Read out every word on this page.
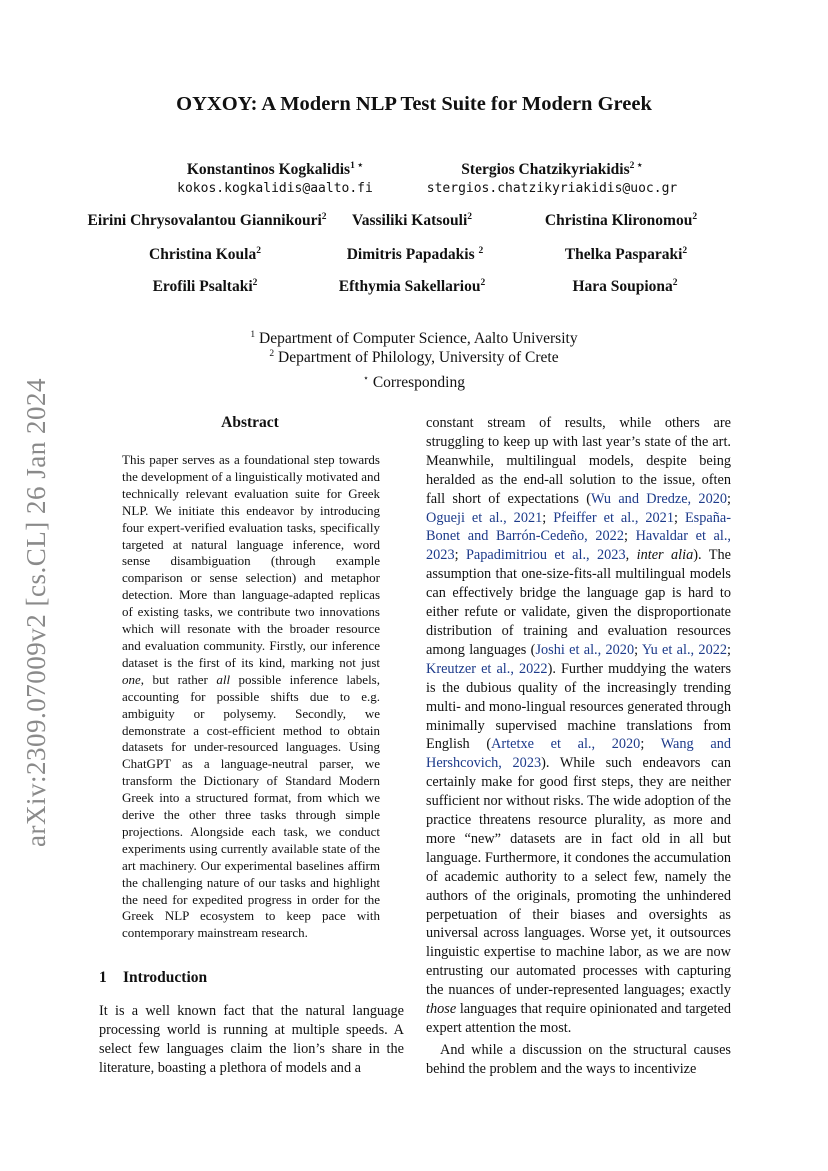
arXiv:2309.07009v2 [cs.CL] 26 Jan 2024
OYXOY: A Modern NLP Test Suite for Modern Greek
Konstantinos Kogkalidis$^{1 ⋆}$
kokos.kogkalidis@aalto.fi
Stergios Chatzikyriakidis$^{2 ⋆}$
stergios.chatzikyriakidis@uoc.gr
Eirini Chrysovalantou Giannikouri$^2$	Vassiliki Katsouli$^2$	Christina Klironomou$^2$
Christina Koula$^2$	Dimitris Papadakis $^2$	Thelka Pasparaki$^2$
Erofili Psaltaki$^2$	Efthymia Sakellariou$^2$	Hara Soupiona$^2$
$^1$ Department of Computer Science, Aalto University
$^2$ Department of Philology, University of Crete
⋆ Corresponding
Abstract

This paper serves as a foundational step towards the development of a linguistically motivated and technically relevant evaluation suite for Greek NLP. We initiate this endeavor by introducing four expert-verified evaluation tasks, specifically targeted at natural language inference, word sense disambiguation (through example comparison or sense selection) and metaphor detection. More than language-adapted replicas of existing tasks, we contribute two innovations which will resonate with the broader resource and evaluation community. Firstly, our inference dataset is the first of its kind, marking not just one, but rather all possible inference labels, accounting for possible shifts due to e.g. ambiguity or polysemy. Secondly, we demonstrate a cost-efficient method to obtain datasets for under-resourced languages. Using ChatGPT as a language-neutral parser, we transform the Dictionary of Standard Modern Greek into a structured format, from which we derive the other three tasks through simple projections. Alongside each task, we conduct experiments using currently available state of the art machinery. Our experimental baselines affirm the challenging nature of our tasks and highlight the need for expedited progress in order for the Greek NLP ecosystem to keep pace with contemporary mainstream research.

1 Introduction

It is a well known fact that the natural language processing world is running at multiple speeds. A select few languages claim the lion’s share in the literature, boasting a plethora of models and a

constant stream of results, while others are struggling to keep up with last year’s state of the art. Meanwhile, multilingual models, despite being heralded as the end-all solution to the issue, often fall short of expectations (Wu and Dredze, 2020; Ogueji et al., 2021; Pfeiffer et al., 2021; España-Bonet and Barrón-Cedeño, 2022; Havaldar et al., 2023; Papadimitriou et al., 2023, inter alia). The assumption that one-size-fits-all multilingual models can effectively bridge the language gap is hard to either refute or validate, given the disproportionate distribution of training and evaluation resources among languages (Joshi et al., 2020; Yu et al., 2022; Kreutzer et al., 2022). Further muddying the waters is the dubious quality of the increasingly trending multi- and mono-lingual resources generated through minimally supervised machine translations from English (Artetxe et al., 2020; Wang and Hershcovich, 2023). While such endeavors can certainly make for good first steps, they are neither sufficient nor without risks. The wide adoption of the practice threatens resource plurality, as more and more “new” datasets are in fact old in all but language. Furthermore, it condones the accumulation of academic authority to a select few, namely the authors of the originals, promoting the unhindered perpetuation of their biases and oversights as universal across languages. Worse yet, it outsources linguistic expertise to machine labor, as we are now entrusting our automated processes with capturing the nuances of under-represented languages; exactly those languages that require opinionated and targeted expert attention the most.

And while a discussion on the structural causes behind the problem and the ways to incentivize
